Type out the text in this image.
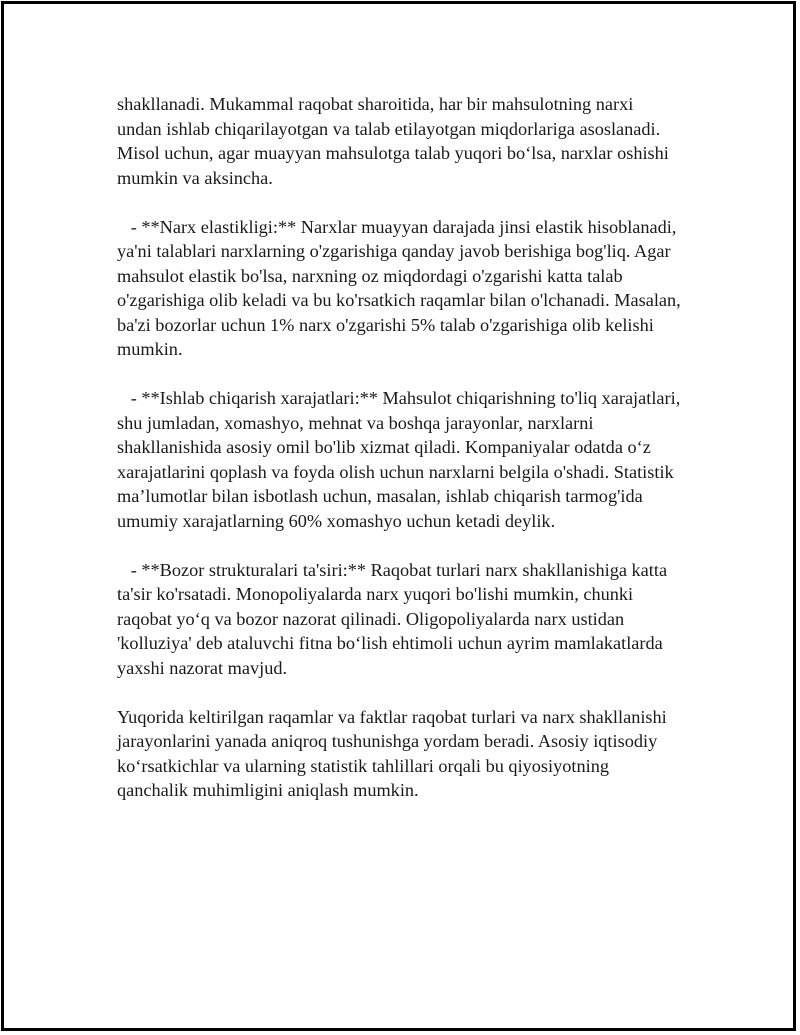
shakllanadi. Mukammal raqobat sharoitida, har bir mahsulotning narxi
undan ishlab chiqarilayotgan va talab etilayotgan miqdorlariga asoslanadi.
Misol uchun, agar muayyan mahsulotga talab yuqori bo‘lsa, narxlar oshishi
mumkin va aksincha.

- **Narx elastikligi:** Narxlar muayyan darajada jinsi elastik hisoblanadi,
ya'ni talablari narxlarning o'zgarishiga qanday javob berishiga bog'liq. Agar
mahsulot elastik bo'lsa, narxning oz miqdordagi o'zgarishi katta talab
o'zgarishiga olib keladi va bu ko'rsatkich raqamlar bilan o'lchanadi. Masalan,
ba'zi bozorlar uchun 1% narx o'zgarishi 5% talab o'zgarishiga olib kelishi
mumkin.

- **Ishlab chiqarish xarajatlari:** Mahsulot chiqarishning to'liq xarajatlari,
shu jumladan, xomashyo, mehnat va boshqa jarayonlar, narxlarni
shakllanishida asosiy omil bo'lib xizmat qiladi. Kompaniyalar odatda o‘z
xarajatlarini qoplash va foyda olish uchun narxlarni belgila o'shadi. Statistik
ma’lumotlar bilan isbotlash uchun, masalan, ishlab chiqarish tarmog'ida
umumiy xarajatlarning 60% xomashyo uchun ketadi deylik.

- **Bozor strukturalari ta'siri:** Raqobat turlari narx shakllanishiga katta
ta'sir ko'rsatadi. Monopoliyalarda narx yuqori bo'lishi mumkin, chunki
raqobat yo‘q va bozor nazorat qilinadi. Oligopoliyalarda narx ustidan
'kolluziya' deb ataluvchi fitna bo‘lish ehtimoli uchun ayrim mamlakatlarda
yaxshi nazorat mavjud.

Yuqorida keltirilgan raqamlar va faktlar raqobat turlari va narx shakllanishi
jarayonlarini yanada aniqroq tushunishga yordam beradi. Asosiy iqtisodiy
ko‘rsatkichlar va ularning statistik tahlillari orqali bu qiyosiyotning
qanchalik muhimligini aniqlash mumkin.
